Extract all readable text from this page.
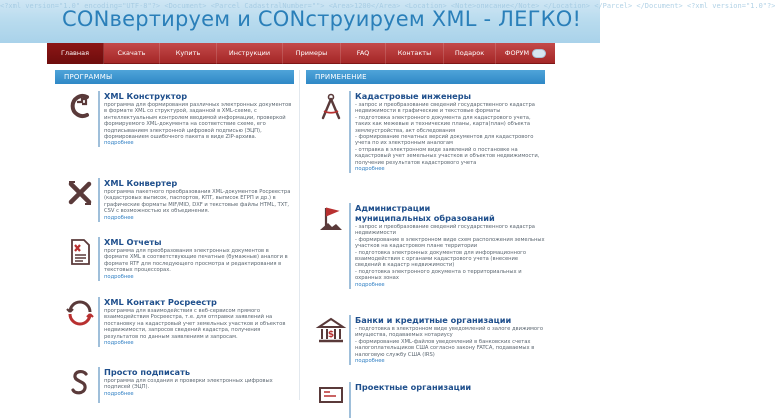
<?xml version="1.0" encoding="UTF-8"?> <Document> <Parcel CadastralNumber=""> <Area>1200</Area> <Location> <Note>описание</Note> </Location> </Parcel> </Document> <?xml version="1.0"?>
CONвертируем и CONструируем XML - ЛЕГКО!
Главная	Скачать	Купить	Инструкции	Примеры	FAQ	Контакты	Подарок	ФОРУМ
ПРОГРАММЫ	ПРИМЕНЕНИЕ
XML Конструктор
программа для формирования различных электронных документов в формате XML со структурой, заданной в XML-схеме, с интеллектуальным контролем вводимой информации, проверкой формируемого XML-документа на соответствие схеме, его подписыванием электронной цифровой подписью (ЭЦП), формированием ошибочного пакета в виде ZIP-архива.
подробнее
XML Конвертер
программа пакетного преобразования XML-документов Росреестра (кадастровых выписок, паспортов, КПТ, выписок ЕГРП и др.) в графические форматы MIF/MID, DXF и текстовые файлы HTML, TXT, CSV с возможностью их объединения.
подробнее
XML Отчеты
программа для преобразования электронных документов в формате XML в соответствующие печатные (бумажные) аналоги в формате RTF для последующего просмотра и редактирования в текстовых процессорах.
подробнее
XML Контакт Росреестр
программа для взаимодействия с веб-сервисом прямого взаимодействия Росреестра, т.е. для отправки заявлений на постановку на кадастровый учет земельных участков и объектов недвижимости, запросов сведений кадастра, получения результатов по данным заявлениям и запросам.
подробнее
Просто подписать
программа для создания и проверки электронных цифровых подписей (ЭЦП).
подробнее
Кадастровые инженеры
- запрос и преобразование сведений государственного кадастра недвижимости в графические и текстовые форматы
- подготовка электронного документа для кадастрового учета, таких как межевые и технические планы, карта(план) объекта землеустройства, акт обследования
- формирование печатных версий документов для кадастрового учета по их электронным аналогам
- отправка в электронном виде заявлений о постановке на кадастровый учет земельных участков и объектов недвижимости, получение результатов кадастрового учета
подробнее
Администрации муниципальных образований
- запрос и преобразование сведений государственного кадастра недвижимости
- формирование в электронном виде схем расположения земельных участков на кадастровом плане территории
- подготовка электронных документов для информационного взаимодействия с органами кадастрового учета (внесение сведений в кадастр недвижимости)
- подготовка электронного документа о территориальных и охранных зонах
подробнее
$
Банки и кредитные организации
- подготовка в электронном виде уведомлений о залоге движимого имущества, подаваемых нотариусу
- формирование XML-файлов уведомлений в банковских счетах налогоплательщиков США согласно закону FATCA, подаваемых в налоговую службу США (IRS)
подробнее
Проектные организации
